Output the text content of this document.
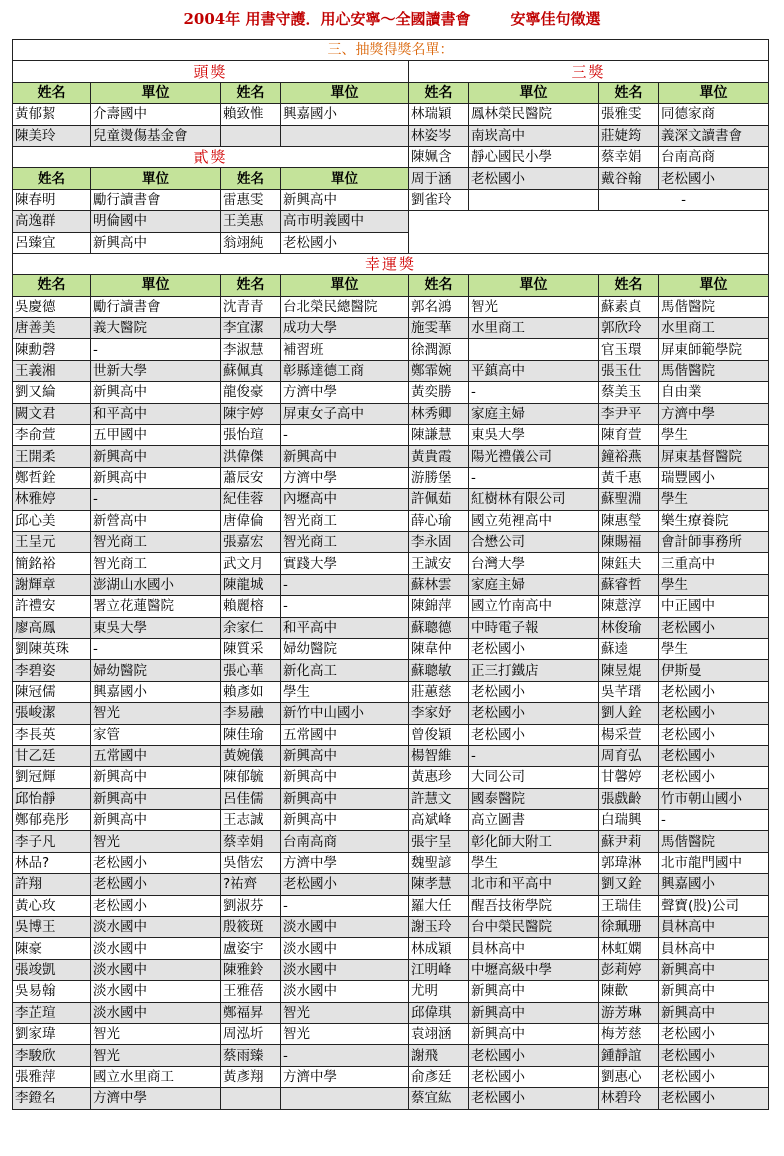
2004年 用書守護．用心安寧～全國讀書會	安寧佳句徵選
三、抽獎得獎名單：							
頭獎				三獎			
姓名	單位	姓名	單位	姓名	單位	姓名	單位
黃郁絜	介壽國中	賴致惟	興嘉國小	林瑞穎	鳳林榮民醫院	張雅雯	同德家商
陳美玲	兒童燙傷基金會			林姿岑	南崁高中	莊婕筠	義深文讀書會
貳獎				陳姵含	靜心國民小學	蔡幸娟	台南高商
姓名	單位	姓名	單位	周于涵	老松國小	戴谷翰	老松國小
陳春明	勵行讀書會	雷惠雯	新興高中	劉雀玲		-	
高逸群	明倫國中	王美惠	高市明義國中				
呂臻宜	新興高中	翁翊純	老松國小				
幸運獎							
姓名	單位	姓名	單位	姓名	單位	姓名	單位
吳慶德	勵行讀書會	沈青青	台北榮民總醫院	郭名鴻	智光	蘇素貞	馬偕醫院
唐善美	義大醫院	李宜潔	成功大學	施雯華	水里商工	郭欣玲	水里商工
陳勳磬	-	李淑慧	補習班	徐潤源		官玉環	屏東師範學院
王義湘	世新大學	蘇佩真	彰縣達德工商	鄭霏婉	平鎮高中	張玉仕	馬偕醫院
劉又綸	新興高中	龍俊豪	方濟中學	黃奕勝	-	蔡美玉	自由業
闕文君	和平高中	陳宇婷	屏東女子高中	林秀卿	家庭主婦	李尹平	方濟中學
李俞萱	五甲國中	張怡瑄	-	陳謙慧	東吳大學	陳育萱	學生
王開柔	新興高中	洪偉傑	新興高中	黃貴霞	陽光禮儀公司	鐘裕燕	屏東基督醫院
鄭哲銓	新興高中	蕭辰安	方濟中學	游勝堡	-	黃千惠	瑞豐國小
林雅婷	-	紀佳蓉	內壢高中	許佩茹	紅樹林有限公司	蘇聖淵	學生
邱心美	新營高中	唐偉倫	智光商工	薛心瑜	國立苑裡高中	陳惠瑩	樂生療養院
王呈元	智光商工	張嘉宏	智光商工	李永固	合懋公司	陳賜福	會計師事務所
簡銘裕	智光商工	武文月	實踐大學	王誠安	台灣大學	陳鈺夫	三重高中
謝輝章	澎湖山水國小	陳龍城	-	蘇林雲	家庭主婦	蘇睿哲	學生
許禮安	署立花蓮醫院	賴麗榕	-	陳錦萍	國立竹南高中	陳薏淳	中正國中
廖高鳳	東吳大學	余家仁	和平高中	蘇聰德	中時電子報	林俊瑜	老松國小
劉陳英珠	-	陳質采	婦幼醫院	陳韋仲	老松國小	蘇逵	學生
李碧姿	婦幼醫院	張心華	新化高工	蘇聰敏	正三打鐵店	陳昱焜	伊斯曼
陳冠儒	興嘉國小	賴彥如	學生	莊蕙慈	老松國小	吳芊瑨	老松國小
張峻潔	智光	李易融	新竹中山國小	李家妤	老松國小	劉人銓	老松國小
李長英	家管	陳佳瑜	五常國中	曾俊穎	老松國小	楊采萱	老松國小
甘乙廷	五常國中	黃婉儀	新興高中	楊智維	-	周育弘	老松國小
劉冠輝	新興高中	陳郁毓	新興高中	黃惠珍	大同公司	甘馨婷	老松國小
邱怡靜	新興高中	呂佳儒	新興高中	許慧文	國泰醫院	張戲齡	竹市朝山國小
鄭郁堯彤	新興高中	王志誠	新興高中	高斌峰	高立圖書	白瑞興	-
李子凡	智光	蔡幸娟	台南高商	張宇呈	彰化師大附工	蘇尹莉	馬偕醫院
林品?	老松國小	吳偕宏	方濟中學	魏聖諺	學生	郭瑋淋	北市龍門國中
許翔	老松國小	?祐齊	老松國小	陳孝慧	北市和平高中	劉又銓	興嘉國小
黃心玫	老松國小	劉淑芬	-	羅大任	醒吾技術學院	王瑞佳	聲寶(股)公司
吳博王	淡水國中	殷筱斑	淡水國中	謝玉玲	台中榮民醫院	徐珮珊	員林高中
陳豪	淡水國中	盧姿宇	淡水國中	林成穎	員林高中	林虹嫻	員林高中
張竣凱	淡水國中	陳雅鈴	淡水國中	江明峰	中壢高級中學	彭莉婷	新興高中
吳易翰	淡水國中	王雅蓓	淡水國中	尤明	新興高中	陳歡	新興高中
李芷瑄	淡水國中	鄭福昇	智光	邱偉琪	新興高中	游芳琳	新興高中
劉家瑋	智光	周泓圻	智光	袁翊涵	新興高中	梅芳慈	老松國小
李駿欣	智光	蔡雨臻	-	謝飛	老松國小	鍾靜誼	老松國小
張雅萍	國立水里商工	黃彥翔	方濟中學	俞彥廷	老松國小	劉惠心	老松國小
李鐙名	方濟中學			蔡宜紘	老松國小	林碧玲	老松國小
